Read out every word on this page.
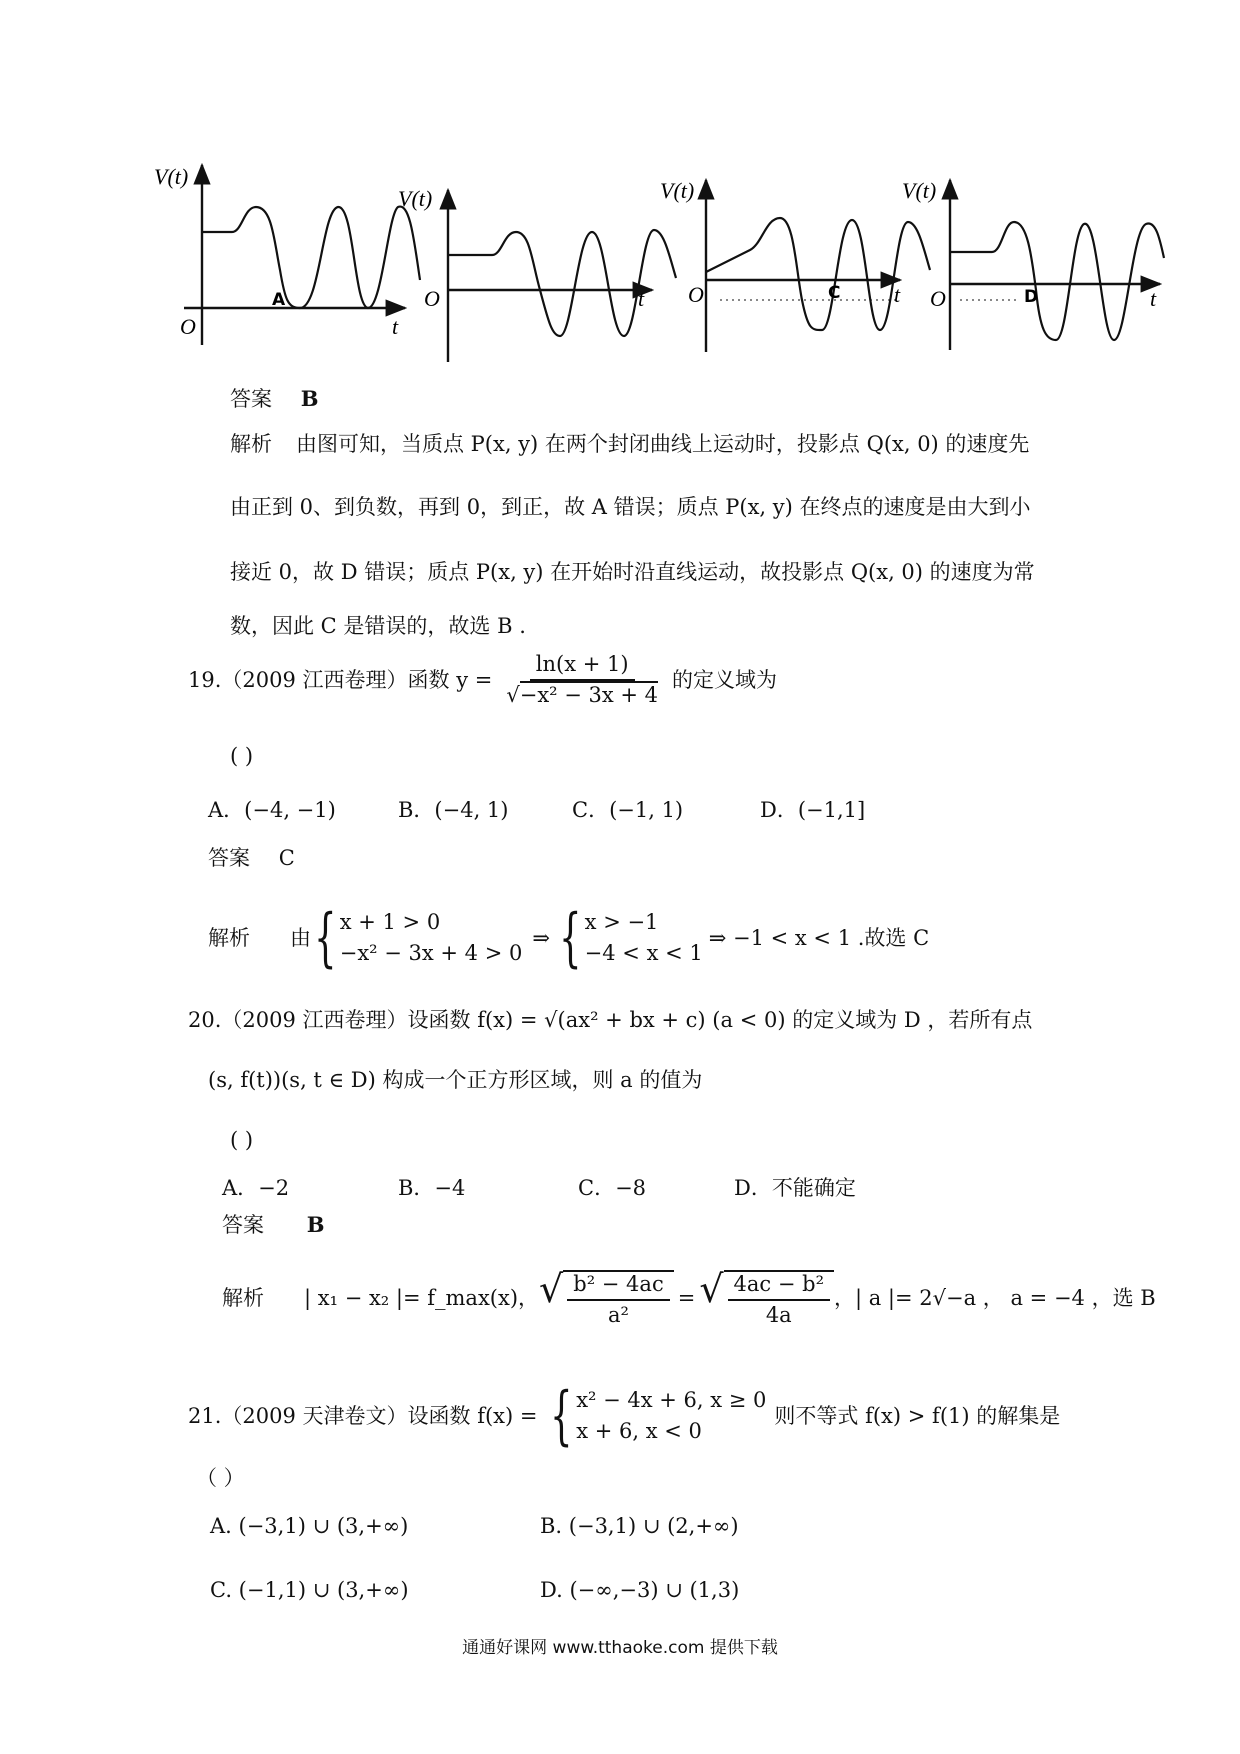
V(t)
O	t
A
V(t)
O	t
V(t)
O	t
C
V(t)
O	t
D
答案 B
解析 由图可知，当质点 P(x, y) 在两个封闭曲线上运动时，投影点 Q(x, 0) 的速度先
由正到 0、到负数，再到 0，到正，故 A 错误；质点 P(x, y) 在终点的速度是由大到小
接近 0，故 D 错误；质点 P(x, y) 在开始时沿直线运动，故投影点 Q(x, 0) 的速度为常
数，因此 C 是错误的，故选 B .
19.（2009 江西卷理）函数 $y = \frac{\ln(x + 1)}{\text{√−x² − 3x + 4}}$ 的定义域为
( )
A．(−4, −1)	B．(−4, 1)	C．(−1, 1)	D．(−1,1]
答案 C
解析 由 { x + 1 > 0
−x² − 3x + 4 > 0
⇒ { x > −1
−4 < x < 1
⇒ −1 < x < 1 .故选 C
20.（2009 江西卷理）设函数 f(x) = √(ax² + bx + c) (a < 0) 的定义域为 D ，若所有点
(s, f(t))(s, t ∈ D) 构成一个正方形区域，则 a 的值为
( )
A．−2	B．−4	C．−8	D．不能确定
答案 B
解析 | x₁ − x₂ |= f_max(x)， √ $\frac{\text{b² − 4ac}}{\text{a²}}$ = √ $\frac{\text{4ac − b²}}{4a}$ ，| a |= 2√−a ， a = −4 ，选 B
21.（2009 天津卷文）设函数 f(x) = { x² − 4x + 6, x ≥ 0
x + 6, x < 0
则不等式 f(x) > f(1) 的解集是
（ ）
A. (−3,1) ∪ (3,+∞)	B. (−3,1) ∪ (2,+∞)
C. (−1,1) ∪ (3,+∞)	D. (−∞,−3) ∪ (1,3)
通通好课网 www.tthaoke.com 提供下载
